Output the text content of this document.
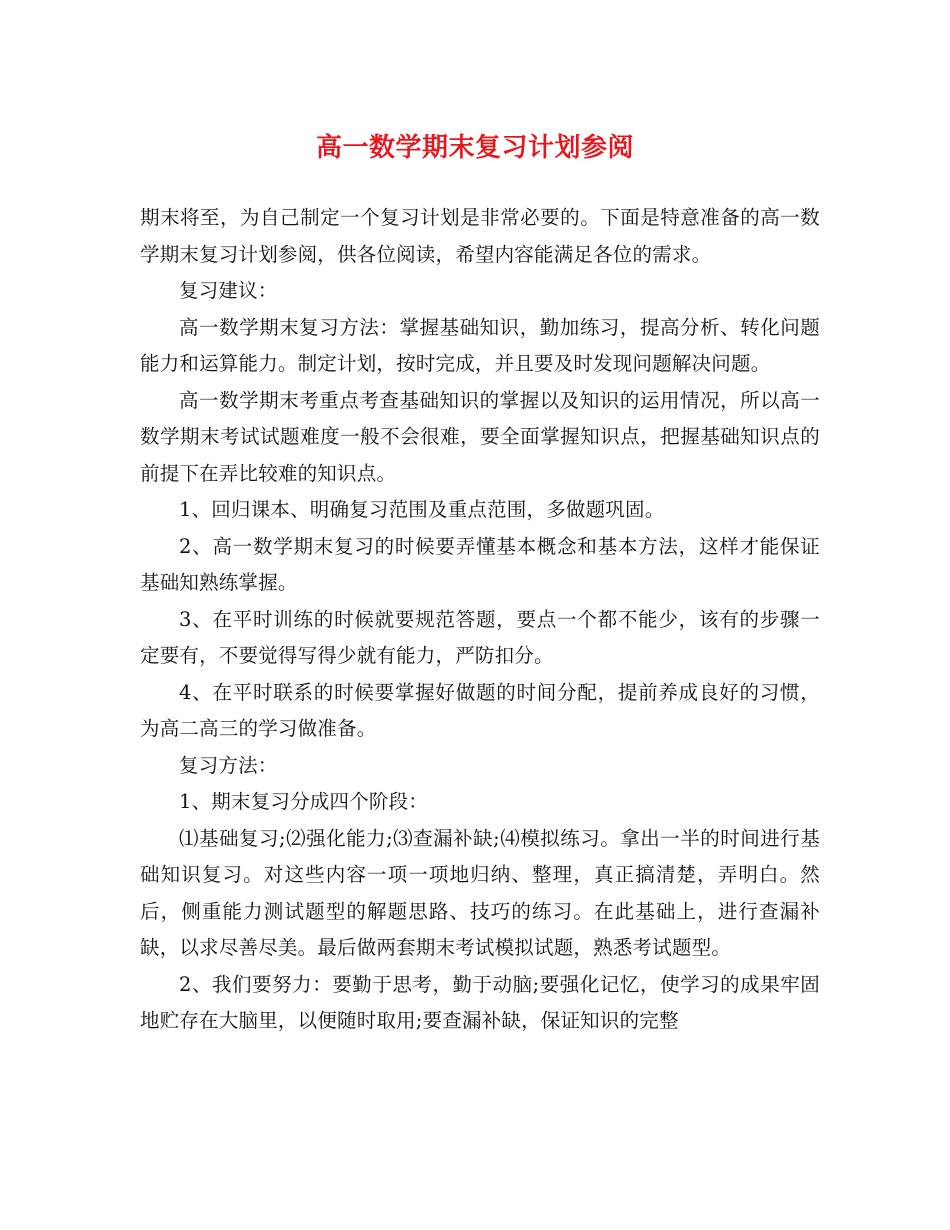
高一数学期末复习计划参阅

期末将至，为自己制定一个复习计划是非常必要的。下面是特意准备的高一数学期末复习计划参阅，供各位阅读，希望内容能满足各位的需求。

复习建议：

高一数学期末复习方法：掌握基础知识，勤加练习，提高分析、转化问题能力和运算能力。制定计划，按时完成，并且要及时发现问题解决问题。

高一数学期末考重点考查基础知识的掌握以及知识的运用情况，所以高一数学期末考试试题难度一般不会很难，要全面掌握知识点，把握基础知识点的前提下在弄比较难的知识点。

1、回归课本、明确复习范围及重点范围，多做题巩固。

2、高一数学期末复习的时候要弄懂基本概念和基本方法，这样才能保证基础知熟练掌握。

3、在平时训练的时候就要规范答题，要点一个都不能少，该有的步骤一定要有，不要觉得写得少就有能力，严防扣分。

4、在平时联系的时候要掌握好做题的时间分配，提前养成良好的习惯，为高二高三的学习做准备。

复习方法：

1、期末复习分成四个阶段：

⑴基础复习;⑵强化能力;⑶查漏补缺;⑷模拟练习。拿出一半的时间进行基础知识复习。对这些内容一项一项地归纳、整理，真正搞清楚，弄明白。然后，侧重能力测试题型的解题思路、技巧的练习。在此基础上，进行查漏补缺，以求尽善尽美。最后做两套期末考试模拟试题，熟悉考试题型。

2、我们要努力：要勤于思考，勤于动脑;要强化记忆，使学习的成果牢固地贮存在大脑里，以便随时取用;要查漏补缺，保证知识的完整
